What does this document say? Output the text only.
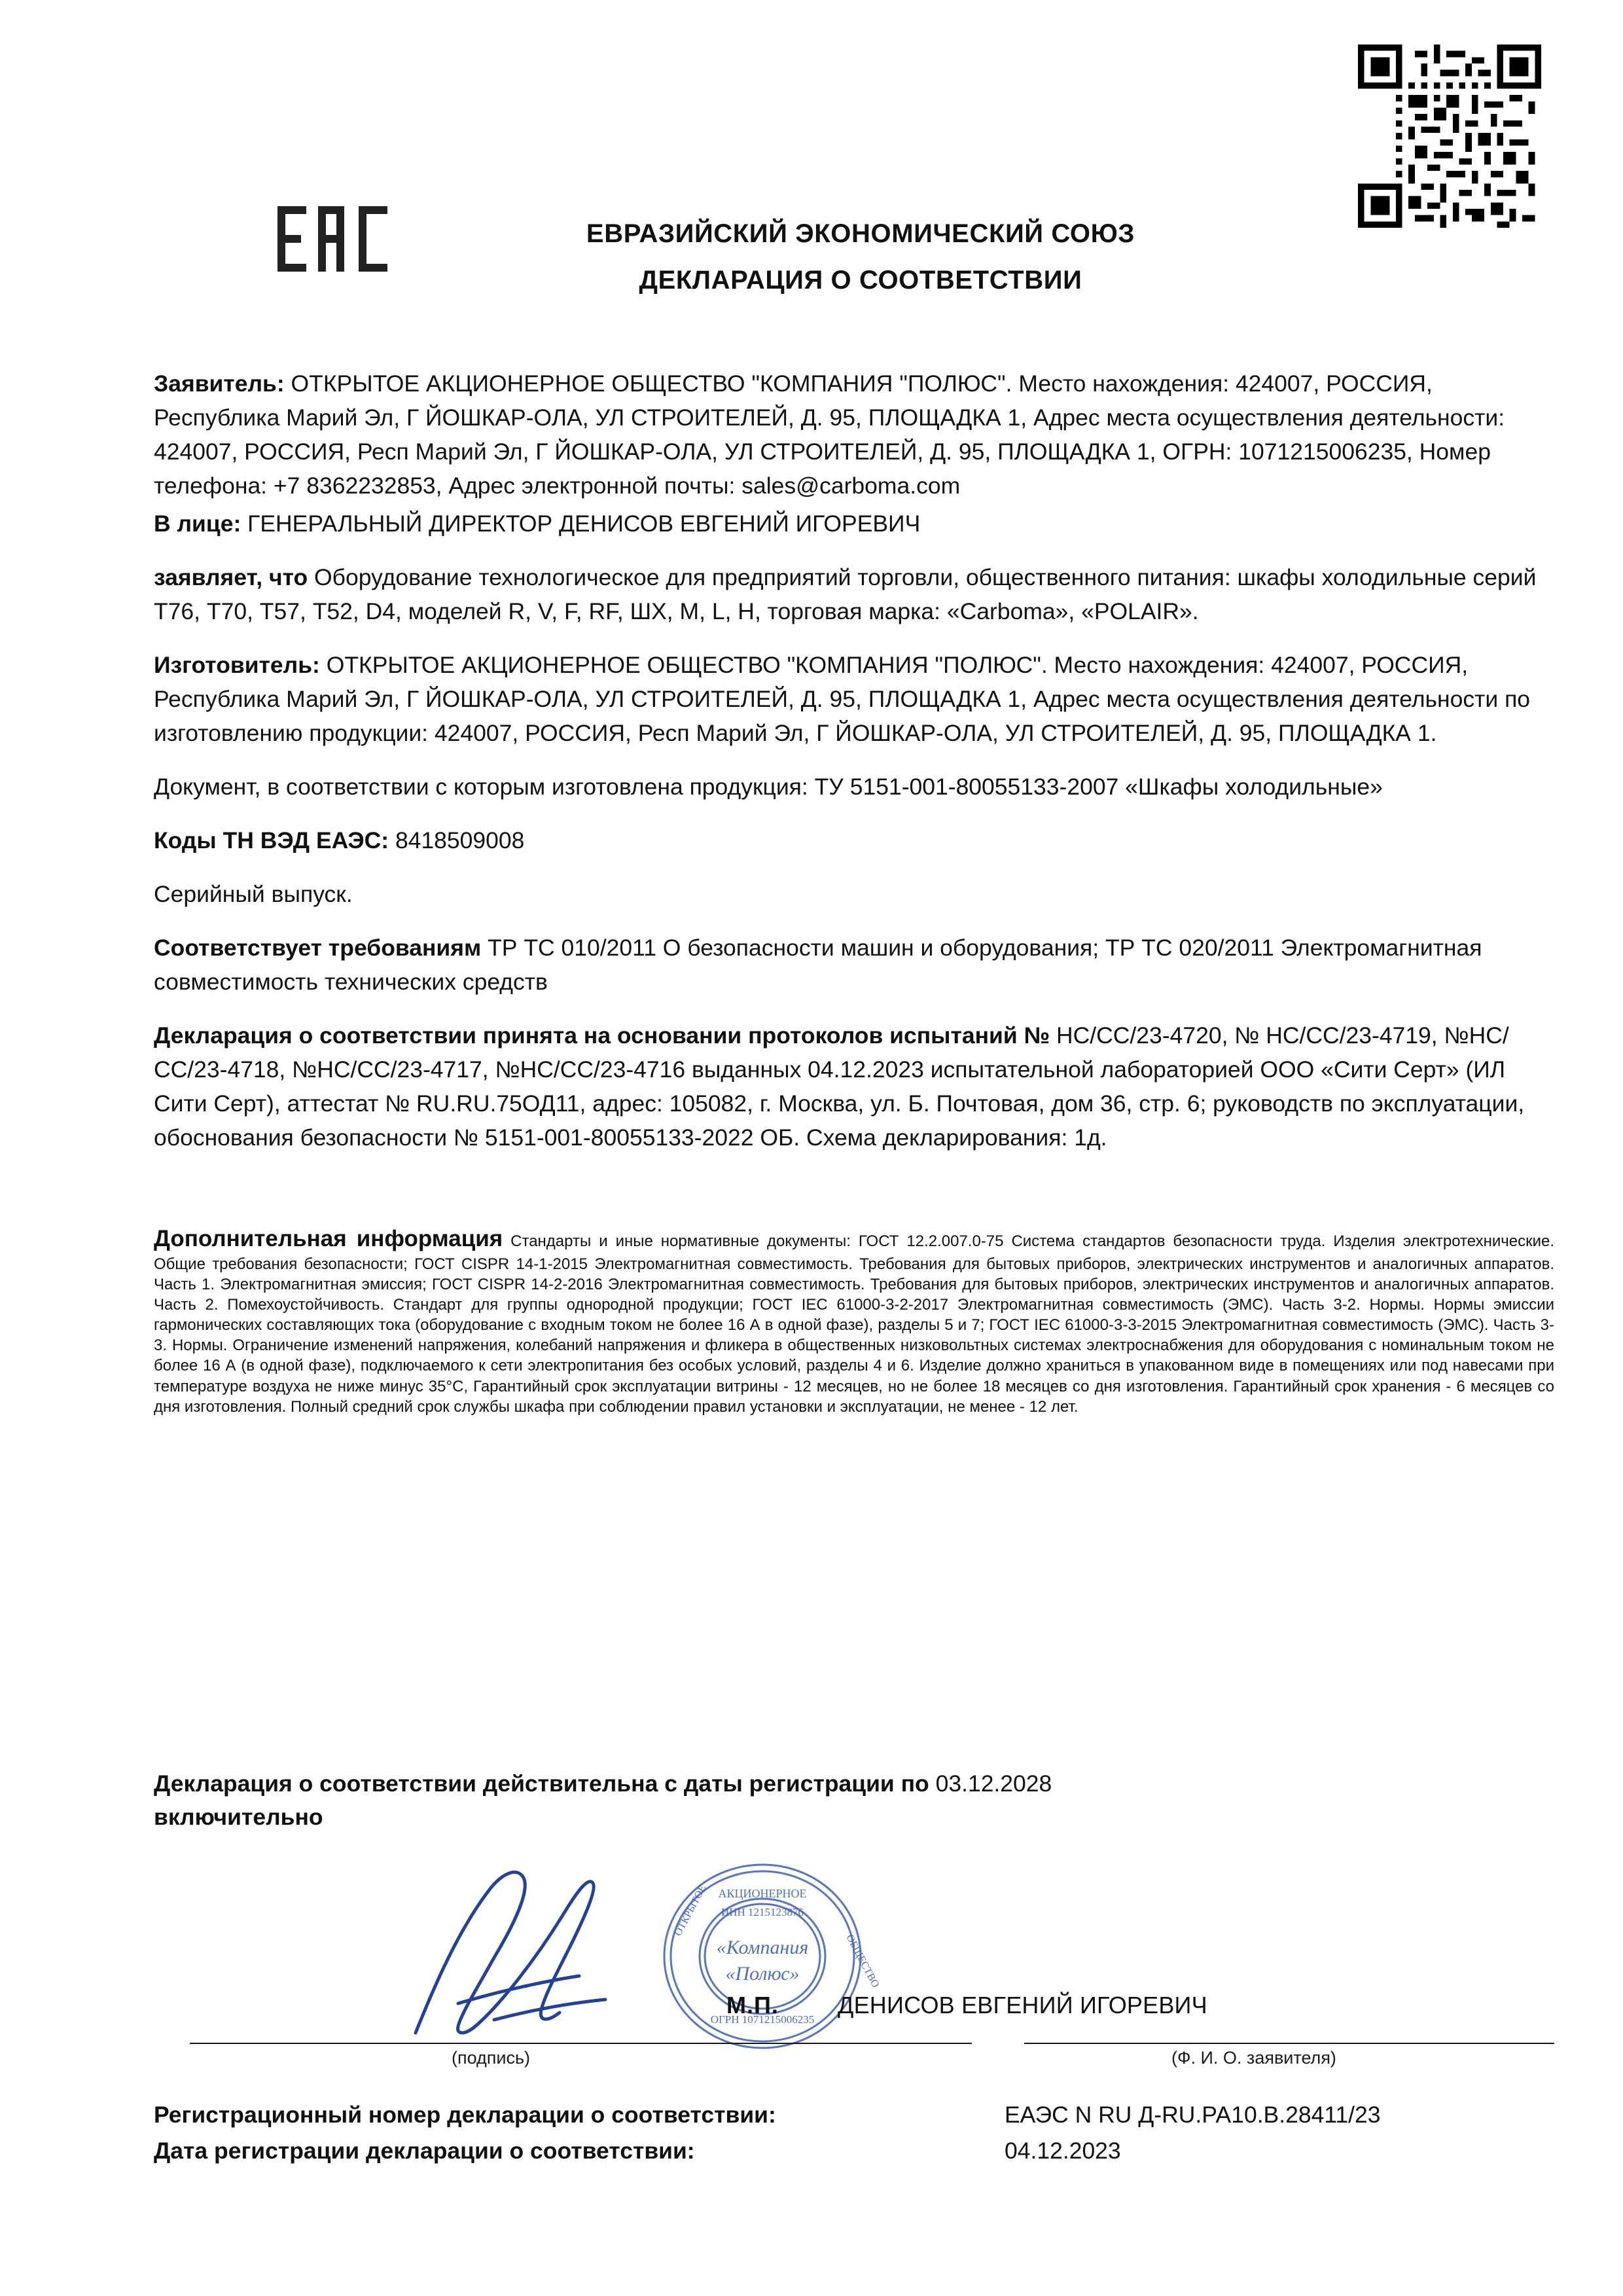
ЕВРАЗИЙСКИЙ ЭКОНОМИЧЕСКИЙ СОЮЗ
ДЕКЛАРАЦИЯ О СООТВЕТСТВИИ

Заявитель: ОТКРЫТОЕ АКЦИОНЕРНОЕ ОБЩЕСТВО "КОМПАНИЯ "ПОЛЮС". Место нахождения: 424007, РОССИЯ, Республика Марий Эл, Г ЙОШКАР-ОЛА, УЛ СТРОИТЕЛЕЙ, Д. 95, ПЛОЩАДКА 1, Адрес места осуществления деятельности: 424007, РОССИЯ, Респ Марий Эл, Г ЙОШКАР-ОЛА, УЛ СТРОИТЕЛЕЙ, Д. 95, ПЛОЩАДКА 1, ОГРН: 1071215006235, Номер телефона: +7 8362232853, Адрес электронной почты: sales@carboma.com

В лице: ГЕНЕРАЛЬНЫЙ ДИРЕКТОР ДЕНИСОВ ЕВГЕНИЙ ИГОРЕВИЧ

заявляет, что Оборудование технологическое для предприятий торговли, общественного питания: шкафы холодильные серий Т76, Т70, Т57, Т52, D4, моделей R, V, F, RF, ШХ, M, L, H, торговая марка: «Carboma», «POLAIR».

Изготовитель: ОТКРЫТОЕ АКЦИОНЕРНОЕ ОБЩЕСТВО "КОМПАНИЯ "ПОЛЮС". Место нахождения: 424007, РОССИЯ, Республика Марий Эл, Г ЙОШКАР-ОЛА, УЛ СТРОИТЕЛЕЙ, Д. 95, ПЛОЩАДКА 1, Адрес места осуществления деятельности по изготовлению продукции: 424007, РОССИЯ, Респ Марий Эл, Г ЙОШКАР-ОЛА, УЛ СТРОИТЕЛЕЙ, Д. 95, ПЛОЩАДКА 1.

Документ, в соответствии с которым изготовлена продукция: ТУ 5151-001-80055133-2007 «Шкафы холодильные»

Коды ТН ВЭД ЕАЭС: 8418509008

Серийный выпуск.

Соответствует требованиям ТР ТС 010/2011 О безопасности машин и оборудования; ТР ТС 020/2011 Электромагнитная совместимость технических средств

Декларация о соответствии принята на основании протоколов испытаний № НС/СС/23-4720, № НС/СС/23-4719, №НС/СС/23-4718, №НС/СС/23-4717, №НС/СС/23-4716 выданных 04.12.2023 испытательной лабораторией ООО «Сити Серт» (ИЛ Сити Серт), аттестат № RU.RU.75ОД11, адрес: 105082, г. Москва, ул. Б. Почтовая, дом 36, стр. 6; руководств по эксплуатации, обоснования безопасности № 5151-001-80055133-2022 ОБ. Схема декларирования: 1д.

Дополнительная информация Стандарты и иные нормативные документы: ГОСТ 12.2.007.0-75 Система стандартов безопасности труда. Изделия электротехнические. Общие требования безопасности; ГОСТ CISPR 14-1-2015 Электромагнитная совместимость. Требования для бытовых приборов, электрических инструментов и аналогичных аппаратов. Часть 1. Электромагнитная эмиссия; ГОСТ CISPR 14-2-2016 Электромагнитная совместимость. Требования для бытовых приборов, электрических инструментов и аналогичных аппаратов. Часть 2. Помехоустойчивость. Стандарт для группы однородной продукции; ГОСТ IEC 61000-3-2-2017 Электромагнитная совместимость (ЭМС). Часть 3-2. Нормы. Нормы эмиссии гармонических составляющих тока (оборудование с входным током не более 16 А в одной фазе), разделы 5 и 7; ГОСТ IEC 61000-3-3-2015 Электромагнитная совместимость (ЭМС). Часть 3-3. Нормы. Ограничение изменений напряжения, колебаний напряжения и фликера в общественных низковольтных системах электроснабжения для оборудования с номинальным током не более 16 А (в одной фазе), подключаемого к сети электропитания без особых условий, разделы 4 и 6. Изделие должно храниться в упакованном виде в помещениях или под навесами при температуре воздуха не ниже минус 35°С, Гарантийный срок эксплуатации витрины - 12 месяцев, но не более 18 месяцев со дня изготовления. Гарантийный срок хранения - 6 месяцев со дня изготовления. Полный средний срок службы шкафа при соблюдении правил установки и эксплуатации, не менее - 12 лет.

Декларация о соответствии действительна с даты регистрации по 03.12.2028
включительно

АКЦИОНЕРНОЕ
ИНН 1215123876
«Компания
«Полюс»
ОГРН 1071215006235
ОТКРЫТОЕ
ОБЩЕСТВО
М.П.	ДЕНИСОВ ЕВГЕНИЙ ИГОРЕВИЧ
(подпись)	(Ф. И. О. заявителя)
Регистрационный номер декларации о соответствии:	ЕАЭС N RU Д-RU.РА10.В.28411/23
Дата регистрации декларации о соответствии:	04.12.2023
